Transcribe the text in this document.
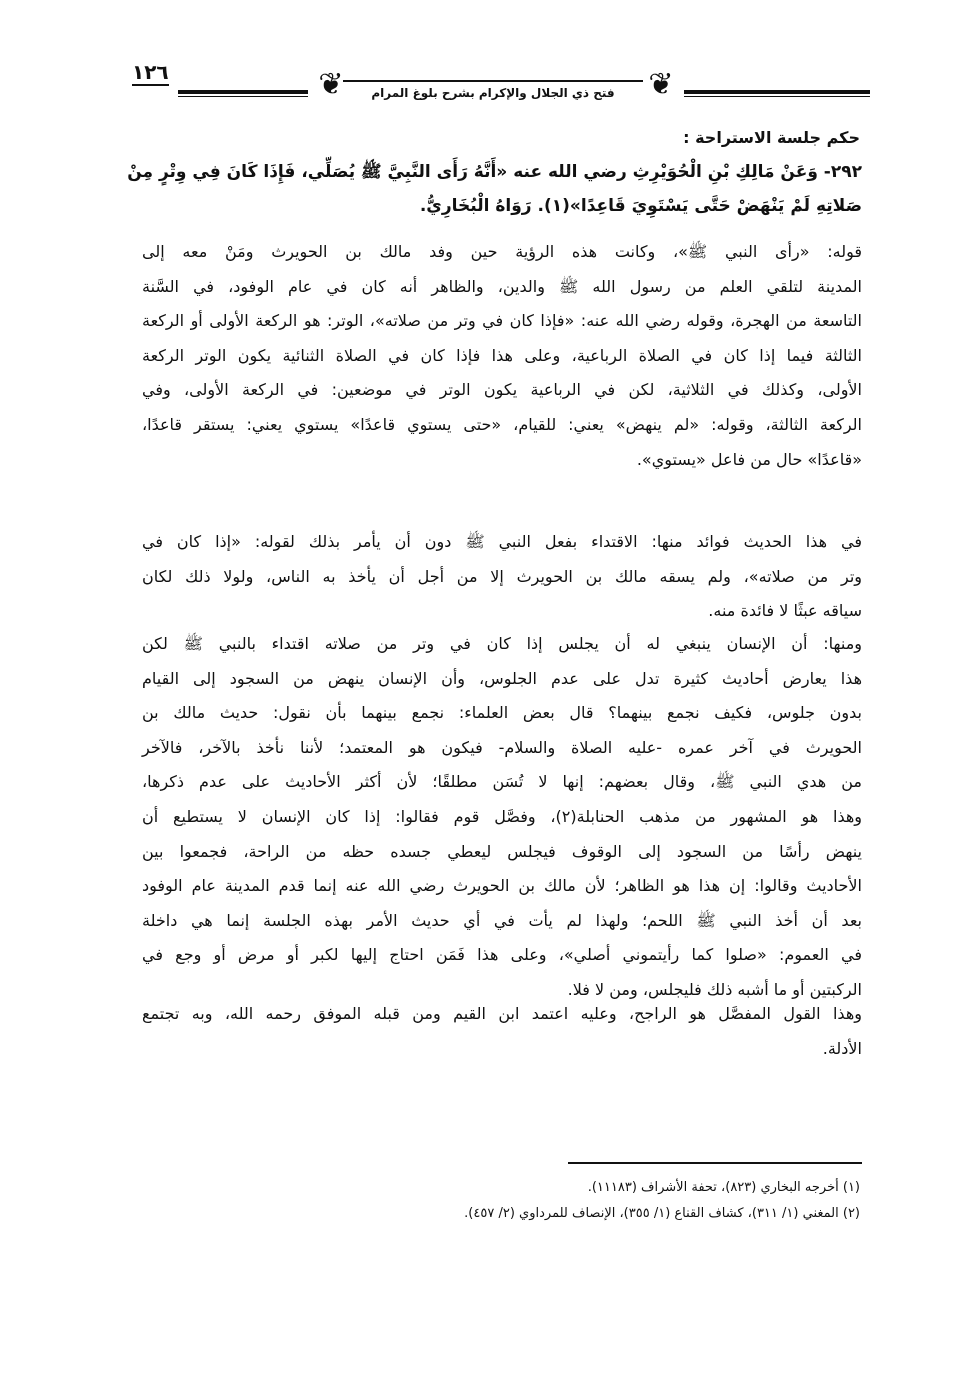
١٢٦	❦	فتح ذي الجلال والإكرام بشرح بلوغ المرام	❦
حكم جلسة الاستراحة :
٢٩٢- وَعَنْ مَالِكِ بْنِ الْحُوَيْرِثِ رضي الله عنه «أَنَّهُ رَأَى النَّبِيَّ ﷺ يُصَلِّي، فَإِذَا كَانَ فِي وِتْرٍ مِنْ
صَلاتِهِ لَمْ يَنْهَضْ حَتَّى يَسْتَوِيَ قَاعِدًا»(١). رَوَاهُ الْبُخَارِيُّ.
قوله: «رأى النبي ﷺ»، وكانت هذه الرؤية حين وفد مالك بن الحويرث ومَنْ معه إلى
المدينة لتلقي العلم من رسول الله ﷺ والدين، والظاهر أنه كان في عام الوفود، في السَّنة
التاسعة من الهجرة، وقوله رضي الله عنه: «فإذا كان في وتر من صلاته»، الوتر: هو الركعة الأولى أو الركعة
الثالثة فيما إذا كان في الصلاة الرباعية، وعلى هذا فإذا كان في الصلاة الثنائية يكون الوتر الركعة
الأولى، وكذلك في الثلاثية، لكن في الرباعية يكون الوتر في موضعين: في الركعة الأولى، وفي
الركعة الثالثة، وقوله: «لم ينهض» يعني: للقيام، «حتى يستوي قاعدًا» يستوي يعني: يستقر قاعدًا،
«قاعدًا» حال من فاعل «يستوي».
في هذا الحديث فوائد منها: الاقتداء بفعل النبي ﷺ دون أن يأمر بذلك لقوله: «إذا كان في
وتر من صلاته»، ولم يسقه مالك بن الحويرث إلا من أجل أن يأخذ به الناس، ولولا ذلك لكان
سياقه عبثًا لا فائدة منه.
ومنها: أن الإنسان ينبغي له أن يجلس إذا كان في وتر من صلاته اقتداء بالنبي ﷺ لكن
هذا يعارض أحاديث كثيرة تدل على عدم الجلوس، وأن الإنسان ينهض من السجود إلى القيام
بدون جلوس، فكيف نجمع بينهما؟ قال بعض العلماء: نجمع بينهما بأن نقول: حديث مالك بن
الحويرث في آخر عمره -عليه الصلاة والسلام- فيكون هو المعتمد؛ لأننا نأخذ بالآخر، فالآخر
من هدي النبي ﷺ، وقال بعضهم: إنها لا تُسَن مطلقًا؛ لأن أكثر الأحاديث على عدم ذكرها،
وهذا هو المشهور من مذهب الحنابلة(٢)، وفصَّل قوم فقالوا: إذا كان الإنسان لا يستطيع أن
ينهض رأسًا من السجود إلى الوقوف فيجلس ليعطي جسده حظه من الراحة، فجمعوا بين
الأحاديث وقالوا: إن هذا هو الظاهر؛ لأن مالك بن الحويرث رضي الله عنه إنما قدم المدينة عام الوفود
بعد أن أخذ النبي ﷺ اللحم؛ ولهذا لم يأت في أي حديث الأمر بهذه الجلسة إنما هي داخلة
في العموم: «صلوا كما رأيتموني أصلي»، وعلى هذا فَمَن احتاج إليها لكبر أو مرض أو وجع في
الركبتين أو ما أشبه ذلك فليجلس، ومن لا فلا.
وهذا القول المفصَّل هو الراجح، وعليه اعتمد ابن القيم ومن قبله الموفق رحمه الله، وبه تجتمع
الأدلة.
(١) أخرجه البخاري (٨٢٣)، تحفة الأشراف (١١١٨٣).
(٢) المغني (١/ ٣١١)، كشاف القناع (١/ ٣٥٥)، الإنصاف للمرداوي (٢/ ٤٥٧).
